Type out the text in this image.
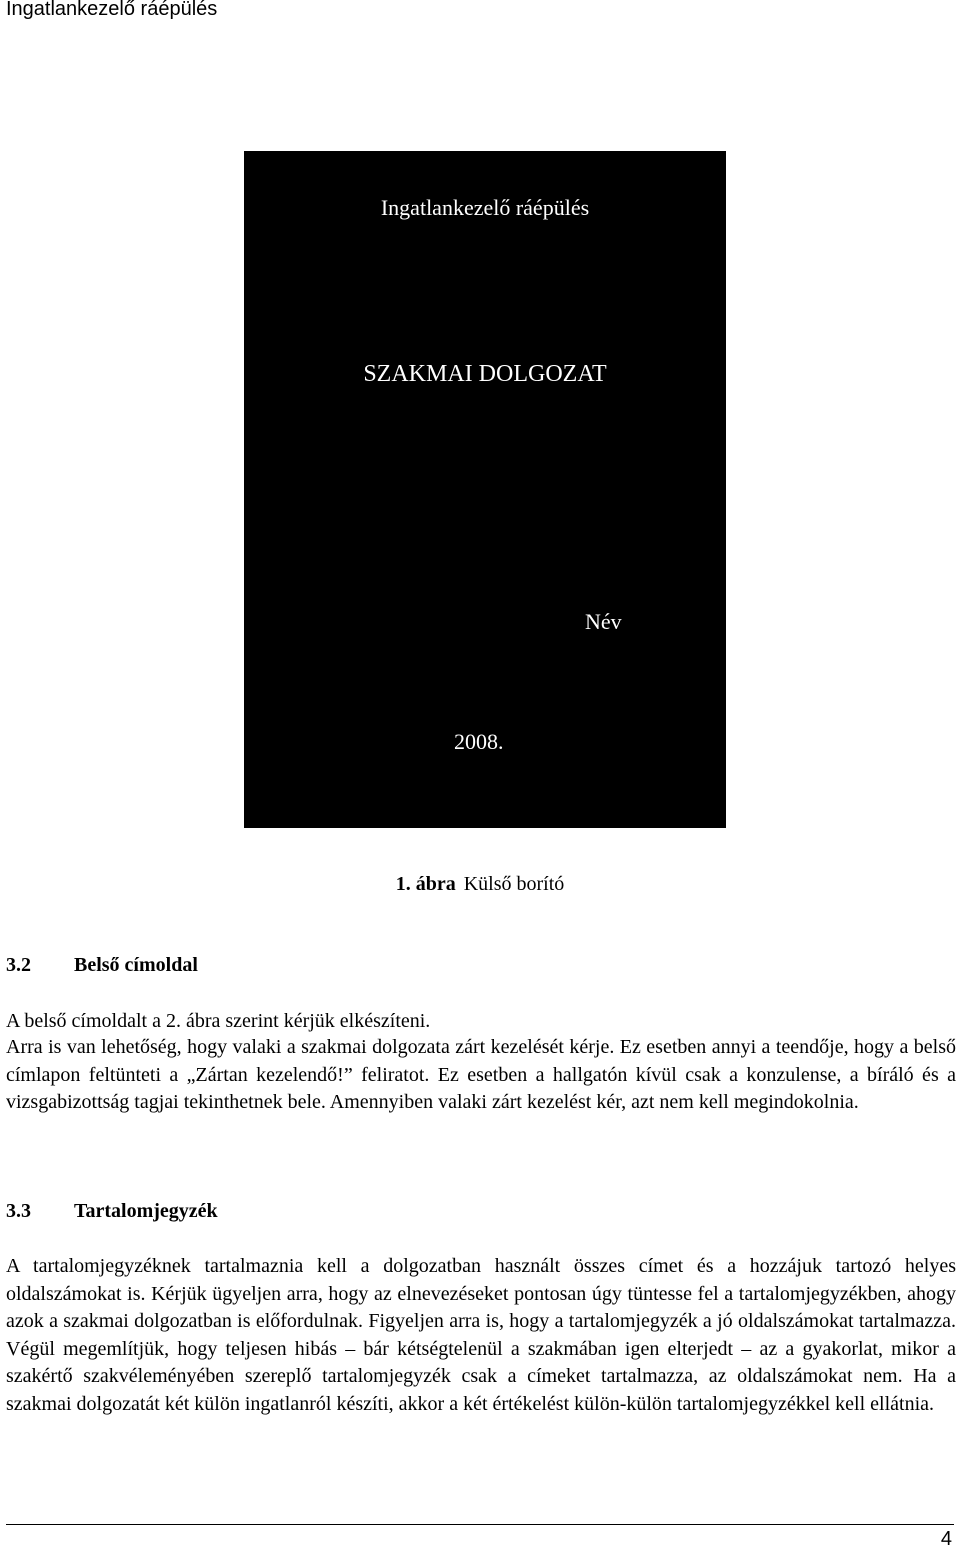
Ingatlankezelő ráépülés
Ingatlankezelő ráépülés
SZAKMAI DOLGOZAT
Név
2008.
1. ábra Külső borító
3.2 Belső címoldal
A belső címoldalt a 2. ábra szerint kérjük elkészíteni.
Arra is van lehetőség, hogy valaki a szakmai dolgozata zárt kezelését kérje. Ez esetben annyi a teendője, hogy a belső címlapon feltünteti a „Zártan kezelendő!” feliratot. Ez esetben a hallgatón kívül csak a konzulense, a bíráló és a vizsgabizottság tagjai tekinthetnek bele. Amennyiben valaki zárt kezelést kér, azt nem kell megindokolnia.
3.3 Tartalomjegyzék
A tartalomjegyzéknek tartalmaznia kell a dolgozatban használt összes címet és a hozzájuk tartozó helyes oldalszámokat is. Kérjük ügyeljen arra, hogy az elnevezéseket pontosan úgy tüntesse fel a tartalomjegyzékben, ahogy azok a szakmai dolgozatban is előfordulnak. Figyeljen arra is, hogy a tartalomjegyzék a jó oldalszámokat tartalmazza. Végül megemlítjük, hogy teljesen hibás – bár kétségtelenül a szakmában igen elterjedt – az a gyakorlat, mikor a szakértő szakvéleményében szereplő tartalomjegyzék csak a címeket tartalmazza, az oldalszámokat nem. Ha a szakmai dolgozatát két külön ingatlanról készíti, akkor a két értékelést külön-külön tartalomjegyzékkel kell ellátnia.
4
